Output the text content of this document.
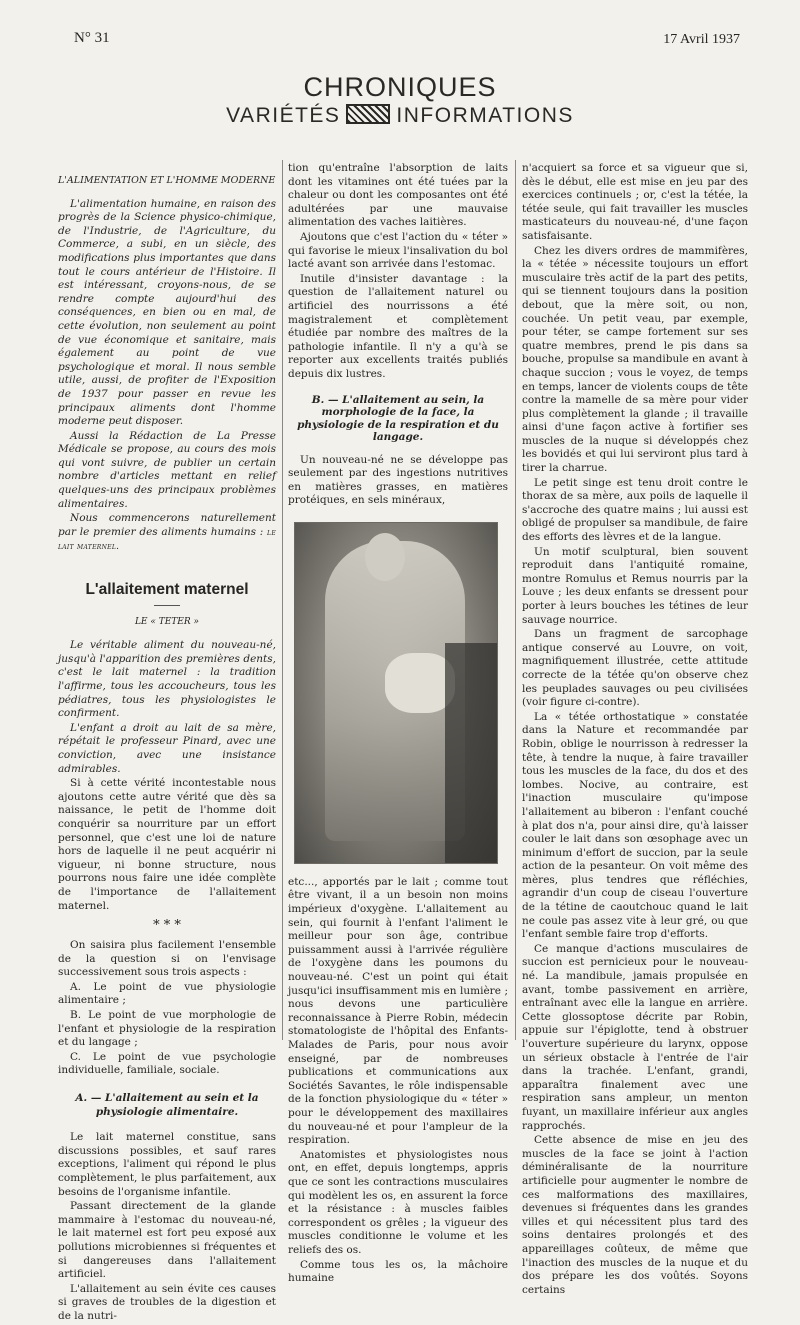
N° 31	17 Avril 1937
CHRONIQUES
VARIÉTÉS	INFORMATIONS

L'ALIMENTATION ET L'HOMME MODERNE

L'alimentation humaine, en raison des progrès de la Science physico-chimique, de l'Industrie, de l'Agriculture, du Commerce, a subi, en un siècle, des modifications plus importantes que dans tout le cours antérieur de l'Histoire. Il est intéressant, croyons-nous, de se rendre compte aujourd'hui des conséquences, en bien ou en mal, de cette évolution, non seulement au point de vue économique et sanitaire, mais également au point de vue psychologique et moral. Il nous semble utile, aussi, de profiter de l'Exposition de 1937 pour passer en revue les principaux aliments dont l'homme moderne peut disposer.

Aussi la Rédaction de La Presse Médicale se propose, au cours des mois qui vont suivre, de publier un certain nombre d'articles mettant en relief quelques-uns des principaux problèmes alimentaires.

Nous commencerons naturellement par le premier des aliments humains : le lait maternel.

L'allaitement maternel

LE « TETER »

Le véritable aliment du nouveau-né, jusqu'à l'apparition des premières dents, c'est le lait maternel : la tradition l'affirme, tous les accoucheurs, tous les pédiatres, tous les physiologistes le confirment.

L'enfant a droit au lait de sa mère, répétait le professeur Pinard, avec une conviction, avec une insistance admirables.

Si à cette vérité incontestable nous ajoutons cette autre vérité que dès sa naissance, le petit de l'homme doit conquérir sa nourriture par un effort personnel, que c'est une loi de nature hors de laquelle il ne peut acquérir ni vigueur, ni bonne structure, nous pourrons nous faire une idée complète de l'importance de l'allaitement maternel.

* * *

On saisira plus facilement l'ensemble de la question si on l'envisage successivement sous trois aspects :

A. Le point de vue physiologie alimentaire ;

B. Le point de vue morphologie de l'enfant et physiologie de la respiration et du langage ;

C. Le point de vue psychologie individuelle, familiale, sociale.

A. — L'allaitement au sein et la physiologie alimentaire.

Le lait maternel constitue, sans discussions possibles, et sauf rares exceptions, l'aliment qui répond le plus complètement, le plus parfaitement, aux besoins de l'organisme infantile.

Passant directement de la glande mammaire à l'estomac du nouveau-né, le lait maternel est fort peu exposé aux pollutions microbiennes si fréquentes et si dangereuses dans l'allaitement artificiel.

L'allaitement au sein évite ces causes si graves de troubles de la digestion et de la nutri-

tion qu'entraîne l'absorption de laits dont les vitamines ont été tuées par la chaleur ou dont les composantes ont été adultérées par une mauvaise alimentation des vaches laitières.

Ajoutons que c'est l'action du « téter » qui favorise le mieux l'insalivation du bol lacté avant son arrivée dans l'estomac.

Inutile d'insister davantage : la question de l'allaitement naturel ou artificiel des nourrissons a été magistralement et complètement étudiée par nombre des maîtres de la pathologie infantile. Il n'y a qu'à se reporter aux excellents traités publiés depuis dix lustres.

B. — L'allaitement au sein, la morphologie de la face, la physiologie de la respiration et du langage.

Un nouveau-né ne se développe pas seulement par des ingestions nutritives en matières grasses, en matières protéiques, en sels minéraux,

etc..., apportés par le lait ; comme tout être vivant, il a un besoin non moins impérieux d'oxygène. L'allaitement au sein, qui fournit à l'enfant l'aliment le meilleur pour son âge, contribue puissamment aussi à l'arrivée régulière de l'oxygène dans les poumons du nouveau-né. C'est un point qui était jusqu'ici insuffisamment mis en lumière ; nous devons une particulière reconnaissance à Pierre Robin, médecin stomatologiste de l'hôpital des Enfants-Malades de Paris, pour nous avoir enseigné, par de nombreuses publications et communications aux Sociétés Savantes, le rôle indispensable de la fonction physiologique du « téter » pour le développement des maxillaires du nouveau-né et pour l'ampleur de la respiration.

Anatomistes et physiologistes nous ont, en effet, depuis longtemps, appris que ce sont les contractions musculaires qui modèlent les os, en assurent la force et la résistance : à muscles faibles correspondent os grêles ; la vigueur des muscles conditionne le volume et les reliefs des os.

Comme tous les os, la mâchoire humaine

n'acquiert sa force et sa vigueur que si, dès le début, elle est mise en jeu par des exercices continuels ; or, c'est la tétée, la tétée seule, qui fait travailler les muscles masticateurs du nouveau-né, d'une façon satisfaisante.

Chez les divers ordres de mammifères, la « tétée » nécessite toujours un effort musculaire très actif de la part des petits, qui se tiennent toujours dans la position debout, que la mère soit, ou non, couchée. Un petit veau, par exemple, pour téter, se campe fortement sur ses quatre membres, prend le pis dans sa bouche, propulse sa mandibule en avant à chaque succion ; vous le voyez, de temps en temps, lancer de violents coups de tête contre la mamelle de sa mère pour vider plus complètement la glande ; il travaille ainsi d'une façon active à fortifier ses muscles de la nuque si développés chez les bovidés et qui lui serviront plus tard à tirer la charrue.

Le petit singe est tenu droit contre le thorax de sa mère, aux poils de laquelle il s'accroche des quatre mains ; lui aussi est obligé de propulser sa mandibule, de faire des efforts des lèvres et de la langue.

Un motif sculptural, bien souvent reproduit dans l'antiquité romaine, montre Romulus et Remus nourris par la Louve ; les deux enfants se dressent pour porter à leurs bouches les tétines de leur sauvage nourrice.

Dans un fragment de sarcophage antique conservé au Louvre, on voit, magnifiquement illustrée, cette attitude correcte de la tétée qu'on observe chez les peuplades sauvages ou peu civilisées (voir figure ci-contre).

La « tétée orthostatique » constatée dans la Nature et recommandée par Robin, oblige le nourrisson à redresser la tête, à tendre la nuque, à faire travailler tous les muscles de la face, du dos et des lombes. Nocive, au contraire, est l'inaction musculaire qu'impose l'allaitement au biberon : l'enfant couché à plat dos n'a, pour ainsi dire, qu'à laisser couler le lait dans son œsophage avec un minimum d'effort de succion, par la seule action de la pesanteur. On voit même des mères, plus tendres que réfléchies, agrandir d'un coup de ciseau l'ouverture de la tétine de caoutchouc quand le lait ne coule pas assez vite à leur gré, ou que l'enfant semble faire trop d'efforts.

Ce manque d'actions musculaires de succion est pernicieux pour le nouveau-né. La mandibule, jamais propulsée en avant, tombe passivement en arrière, entraînant avec elle la langue en arrière. Cette glossoptose décrite par Robin, appuie sur l'épiglotte, tend à obstruer l'ouverture supérieure du larynx, oppose un sérieux obstacle à l'entrée de l'air dans la trachée. L'enfant, grandi, apparaîtra finalement avec une respiration sans ampleur, un menton fuyant, un maxillaire inférieur aux angles rapprochés.

Cette absence de mise en jeu des muscles de la face se joint à l'action déminéralisante de la nourriture artificielle pour augmenter le nombre de ces malformations des maxillaires, devenues si fréquentes dans les grandes villes et qui nécessitent plus tard des soins dentaires prolongés et des appareillages coûteux, de même que l'inaction des muscles de la nuque et du dos prépare les dos voûtés. Soyons certains
